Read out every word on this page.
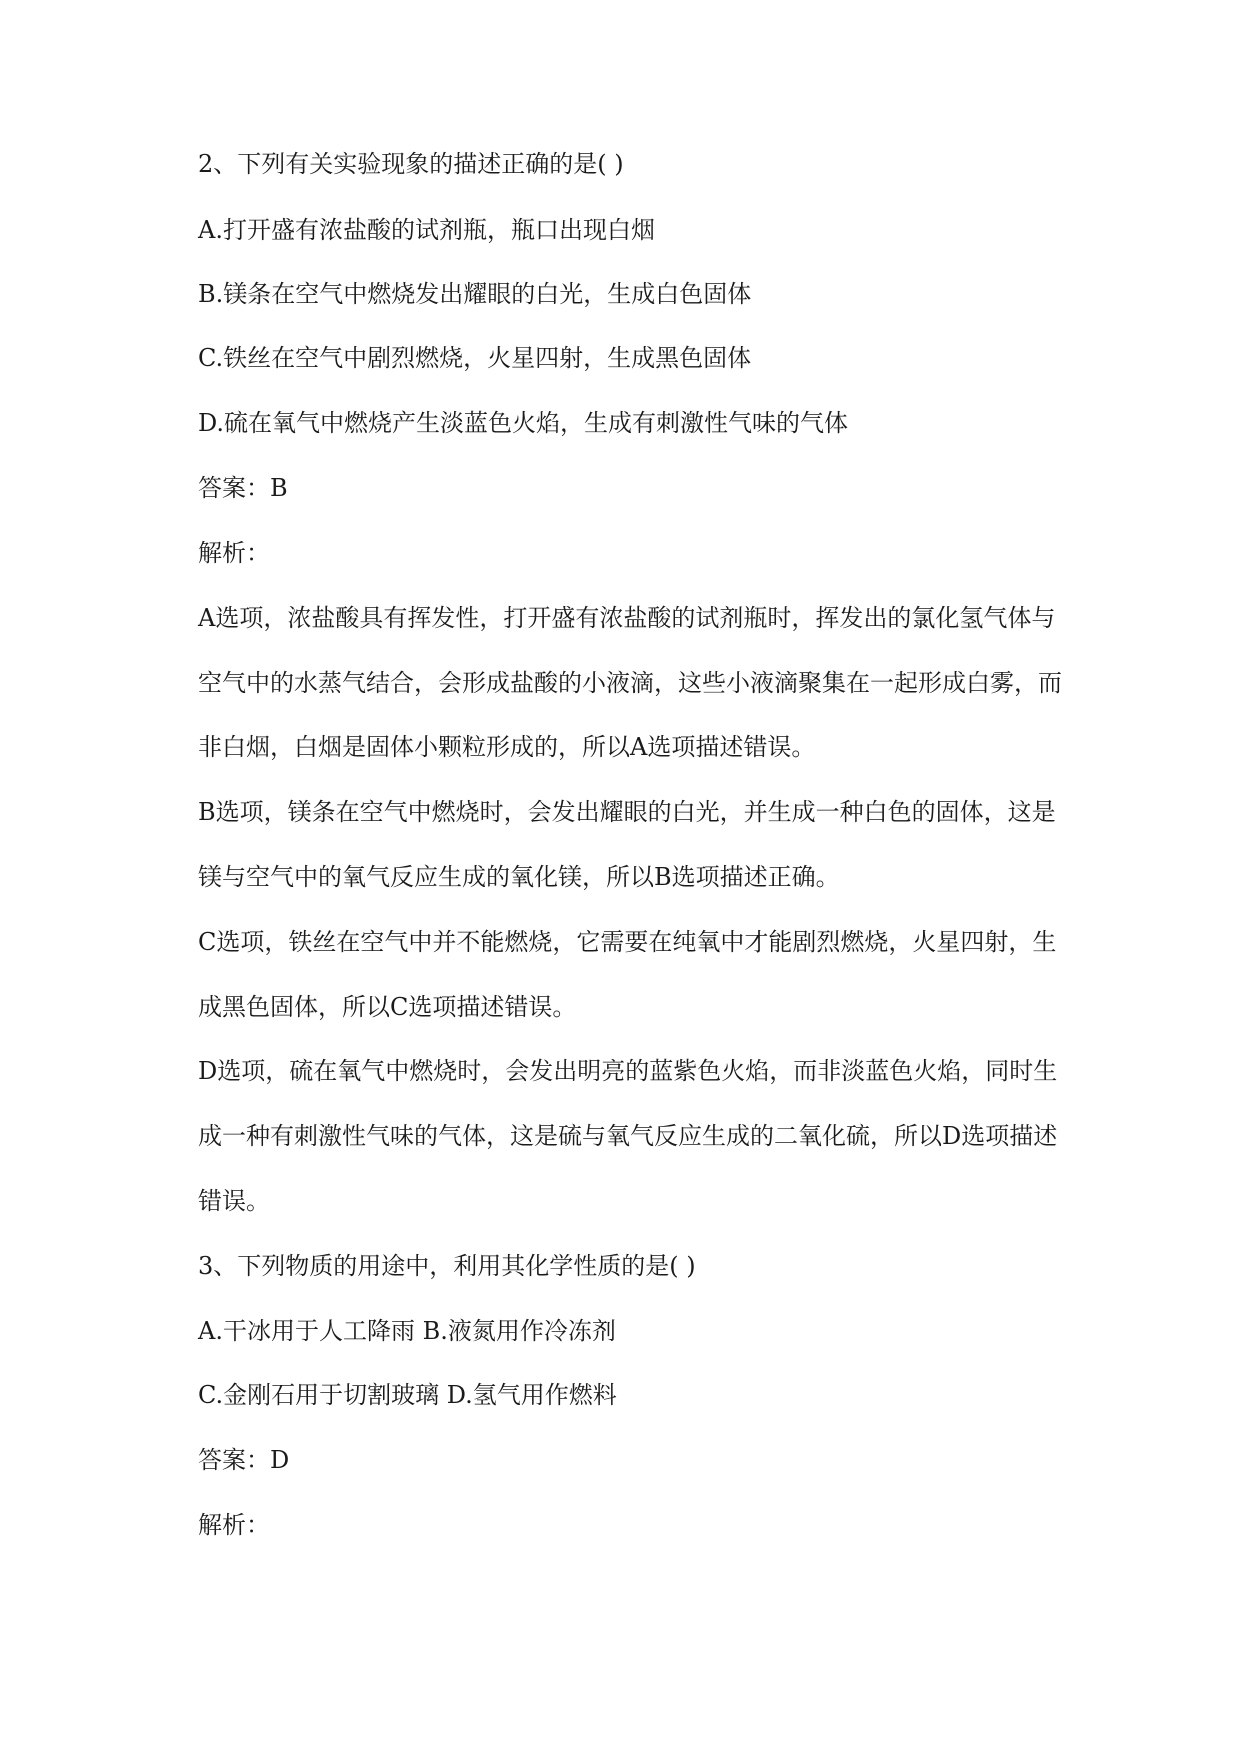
2、下列有关实验现象的描述正确的是( )
A.打开盛有浓盐酸的试剂瓶，瓶口出现白烟
B.镁条在空气中燃烧发出耀眼的白光，生成白色固体
C.铁丝在空气中剧烈燃烧，火星四射，生成黑色固体
D.硫在氧气中燃烧产生淡蓝色火焰，生成有刺激性气味的气体
答案：B
解析：
A选项，浓盐酸具有挥发性，打开盛有浓盐酸的试剂瓶时，挥发出的氯化氢气体与
空气中的水蒸气结合，会形成盐酸的小液滴，这些小液滴聚集在一起形成白雾，而
非白烟，白烟是固体小颗粒形成的，所以A选项描述错误。
B选项，镁条在空气中燃烧时，会发出耀眼的白光，并生成一种白色的固体，这是
镁与空气中的氧气反应生成的氧化镁，所以B选项描述正确。
C选项，铁丝在空气中并不能燃烧，它需要在纯氧中才能剧烈燃烧，火星四射，生
成黑色固体，所以C选项描述错误。
D选项，硫在氧气中燃烧时，会发出明亮的蓝紫色火焰，而非淡蓝色火焰，同时生
成一种有刺激性气味的气体，这是硫与氧气反应生成的二氧化硫，所以D选项描述
错误。
3、下列物质的用途中，利用其化学性质的是( )
A.干冰用于人工降雨 B.液氮用作冷冻剂
C.金刚石用于切割玻璃 D.氢气用作燃料
答案：D
解析：
